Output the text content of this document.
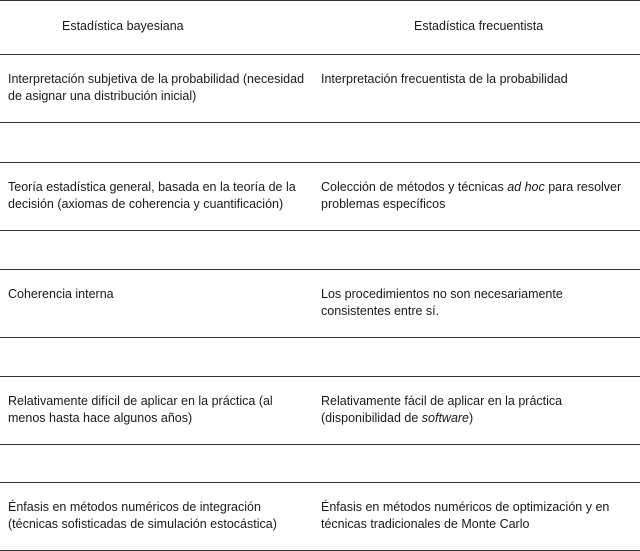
Estadística bayesiana	Estadística frecuentista

Interpretación subjetiva de la probabilidad (necesidad de asignar una distribución inicial)

Interpretación frecuentista de la probabilidad

Teoría estadística general, basada en la teoría de la decisión (axiomas de coherencia y cuantificación)

Colección de métodos y técnicas ad hoc para resolver problemas específicos

Coherencia interna	Los procedimientos no son necesariamente consistentes entre sí.

Relativamente difícil de aplicar en la práctica (al menos hasta hace algunos años)

Relativamente fácil de aplicar en la práctica (disponibilidad de software)

Énfasis en métodos numéricos de integración (técnicas sofisticadas de simulación estocástica)

Énfasis en métodos numéricos de optimización y en técnicas tradicionales de Monte Carlo
